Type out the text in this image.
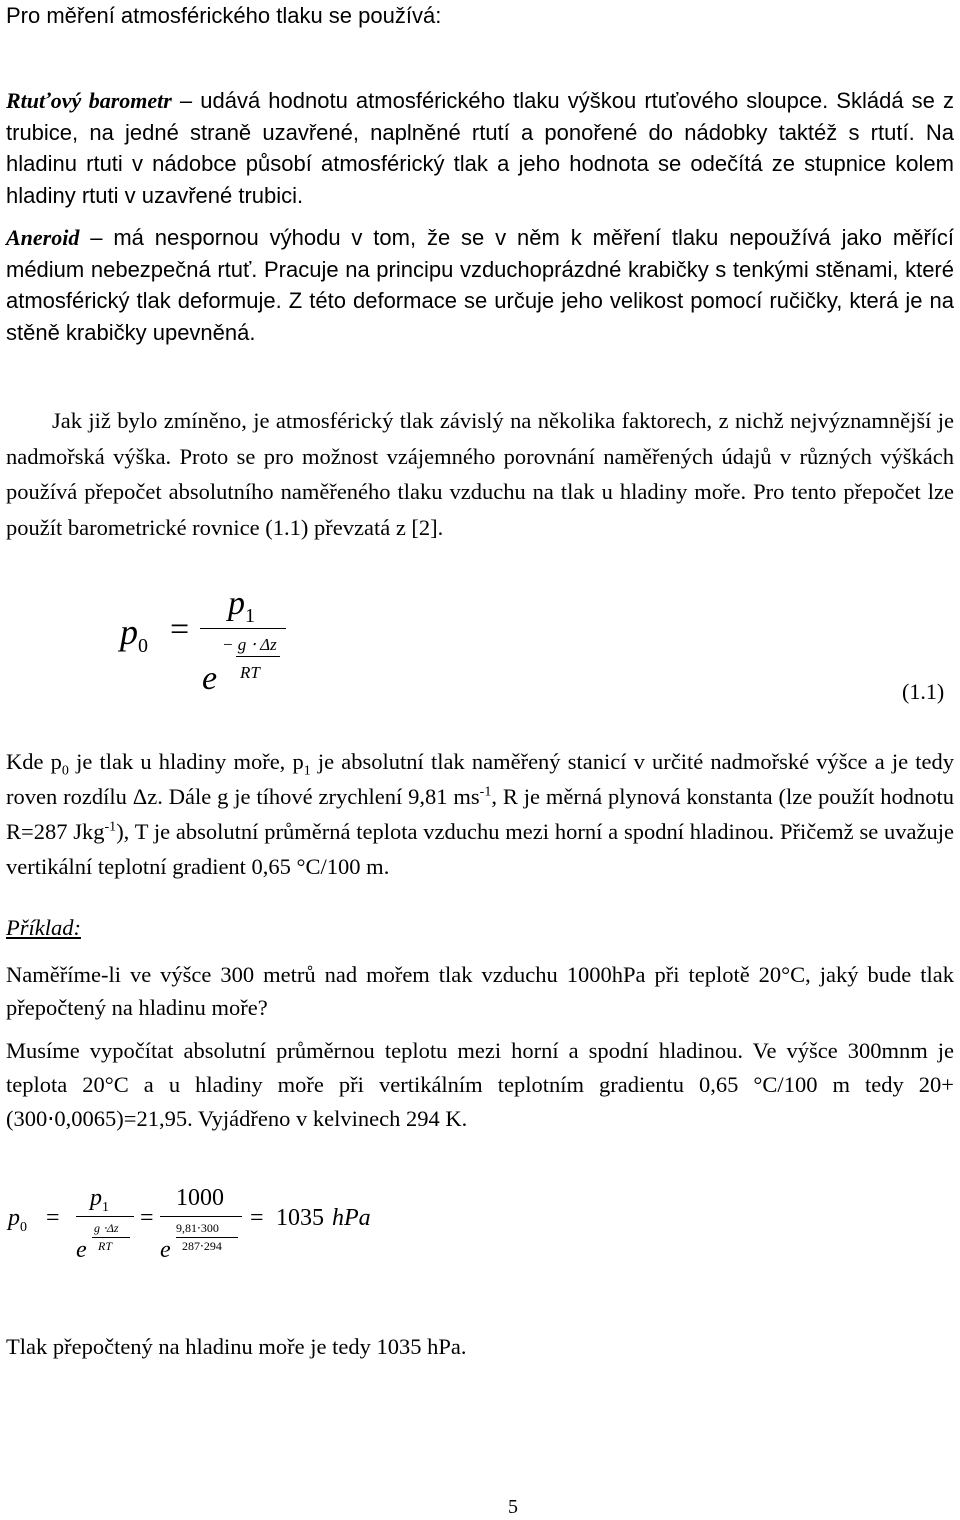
Pro měření atmosférického tlaku se používá:

Rtuťový barometr – udává hodnotu atmosférického tlaku výškou rtuťového sloupce. Skládá se z trubice, na jedné straně uzavřené, naplněné rtutí a ponořené do nádobky taktéž s rtutí. Na hladinu rtuti v nádobce působí atmosférický tlak a jeho hodnota se odečítá ze stupnice kolem hladiny rtuti v uzavřené trubici.

Aneroid – má nespornou výhodu v tom, že se v něm k měření tlaku nepoužívá jako měřící médium nebezpečná rtuť. Pracuje na principu vzduchoprázdné krabičky s tenkými stěnami, které atmosférický tlak deformuje. Z této deformace se určuje jeho velikost pomocí ručičky, která je na stěně krabičky upevněná.

Jak již bylo zmíněno, je atmosférický tlak závislý na několika faktorech, z nichž nejvýznamnější je nadmořská výška. Proto se pro možnost vzájemného porovnání naměřených údajů v různých výškách používá přepočet absolutního naměřeného tlaku vzduchu na tlak u hladiny moře. Pro tento přepočet lze použít barometrické rovnice (1.1) převzatá z [2].

$p_0$ =
$p_1$
e
− g ⋅ Δz
RT
(1.1)

Kde $p_0$ je tlak u hladiny moře, $p_1$ je absolutní tlak naměřený stanicí v určité nadmořské výšce a je tedy roven rozdílu Δz. Dále g je tíhové zrychlení 9,81 $ms^{-1}$, R je měrná plynová konstanta (lze použít hodnotu R=287 Jkg$^{-1}$), T je absolutní průměrná teplota vzduchu mezi horní a spodní hladinou. Přičemž se uvažuje vertikální teplotní gradient 0,65 °C/100 m.

Příklad:

Naměříme-li ve výšce 300 metrů nad mořem tlak vzduchu 1000hPa při teplotě 20°C, jaký bude tlak přepočtený na hladinu moře?

Musíme vypočítat absolutní průměrnou teplotu mezi horní a spodní hladinou. Ve výšce 300mnm je teplota 20°C a u hladiny moře při vertikálním teplotním gradientu 0,65 °C/100 m tedy 20+(300⋅0,0065)=21,95. Vyjádřeno v kelvinech 294 K.

$p_0$ =
$p_1$
e
g ⋅Δz
RT
=
1000
e
9,81⋅300
287⋅294
= 1035 hPa

Tlak přepočtený na hladinu moře je tedy 1035 hPa.

5
